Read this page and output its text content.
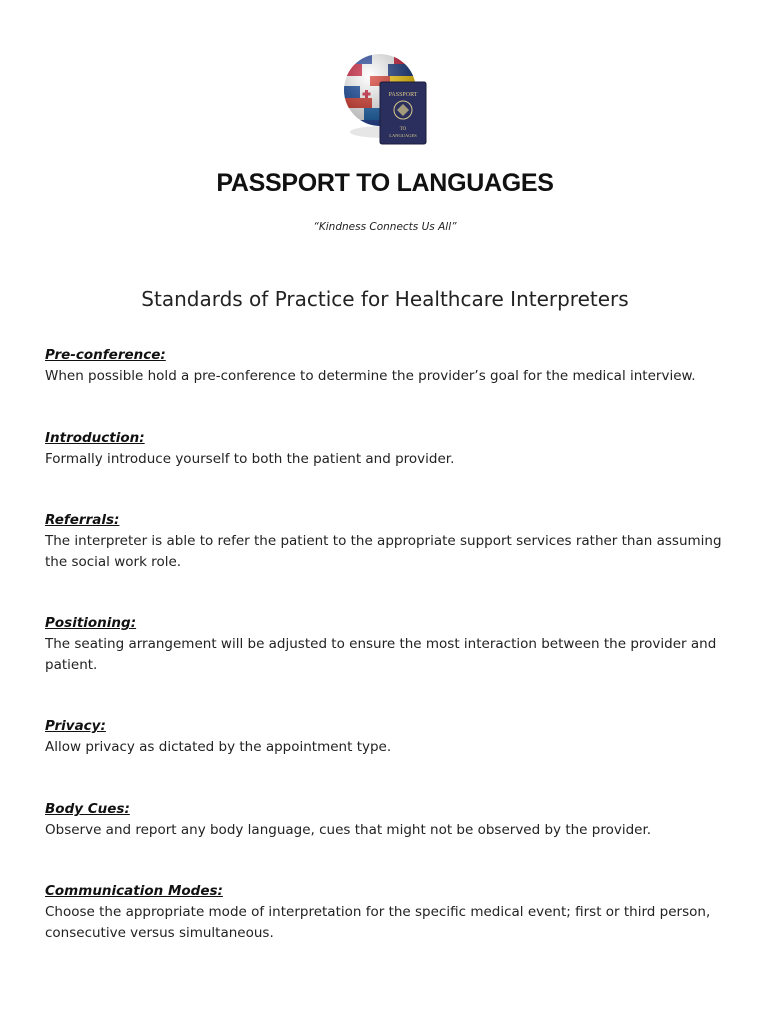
PASSPORT
TO
LANGUAGES
PASSPORT TO LANGUAGES
“Kindness Connects Us All”
Standards of Practice for Healthcare Interpreters
Pre-conference:
When possible hold a pre-conference to determine the provider’s goal for the medical interview.
Introduction:
Formally introduce yourself to both the patient and provider.
Referrals:
The interpreter is able to refer the patient to the appropriate support services rather than assuming the social work role.
Positioning:
The seating arrangement will be adjusted to ensure the most interaction between the provider and patient.
Privacy:
Allow privacy as dictated by the appointment type.
Body Cues:
Observe and report any body language, cues that might not be observed by the provider.
Communication Modes:
Choose the appropriate mode of interpretation for the specific medical event; first or third person, consecutive versus simultaneous.
